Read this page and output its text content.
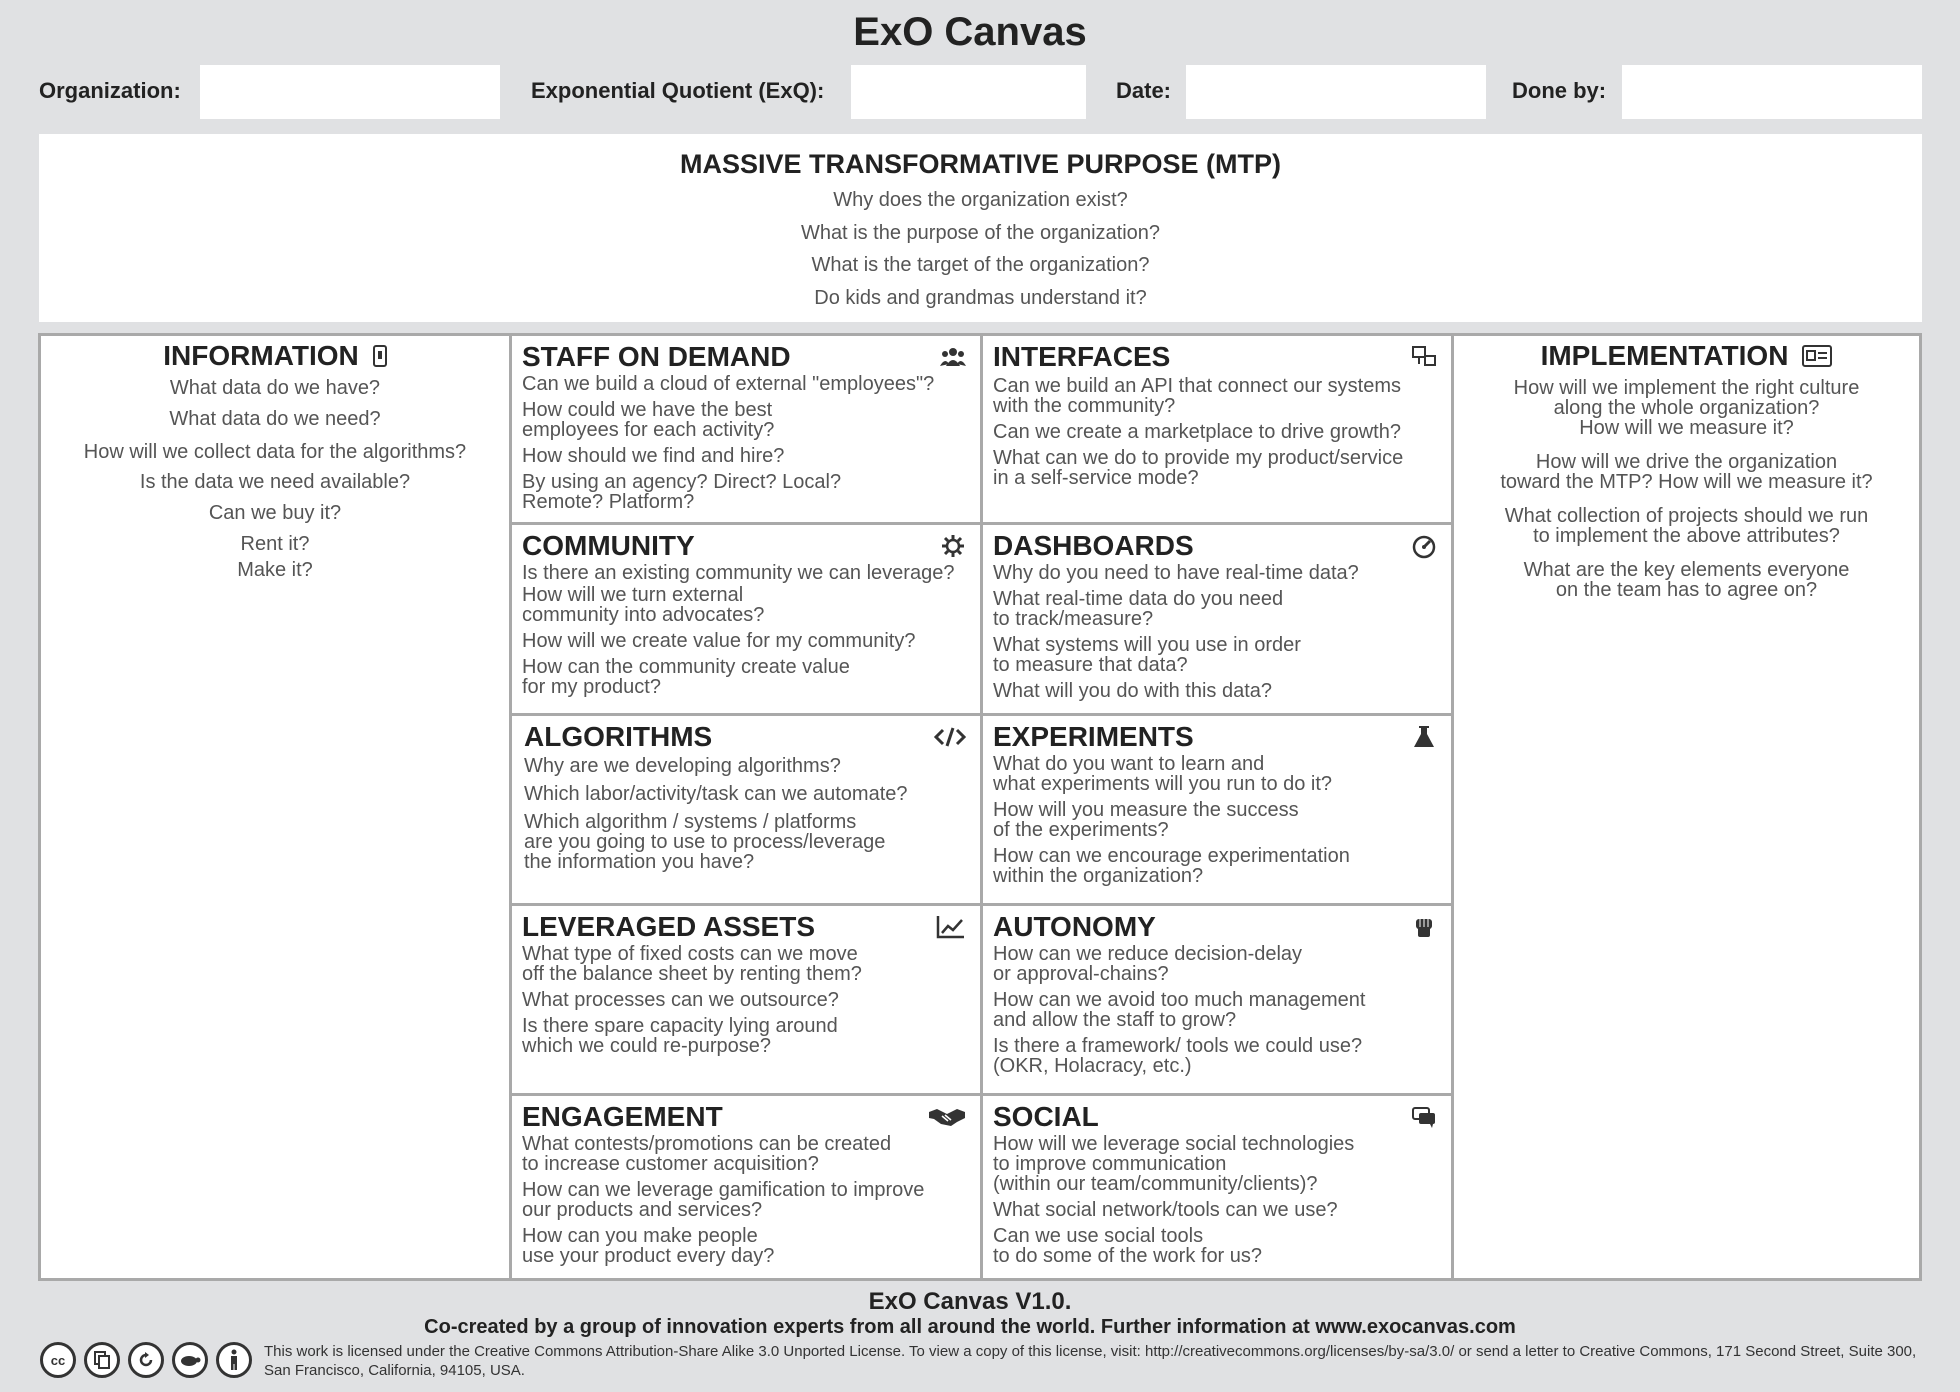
ExO Canvas
Organization:	Exponential Quotient (ExQ):	Date:	Done by:
MASSIVE TRANSFORMATIVE PURPOSE (MTP)
Why does the organization exist?
What is the purpose of the organization?
What is the target of the organization?
Do kids and grandmas understand it?
INFORMATION
What data do we have?
What data do we need?
How will we collect data for the algorithms?
Is the data we need available?
Can we buy it?
Rent it?
Make it?
IMPLEMENTATION
How will we implement the right culture
along the whole organization?
How will we measure it?
How will we drive the organization
toward the MTP? How will we measure it?
What collection of projects should we run
to implement the above attributes?
What are the key elements everyone
on the team has to agree on?
STAFF ON DEMAND
Can we build a cloud of external "employees"?
How could we have the best
employees for each activity?
How should we find and hire?
By using an agency? Direct? Local?
Remote? Platform?
INTERFACES
Can we build an API that connect our systems
with the community?
Can we create a marketplace to drive growth?
What can we do to provide my product/service
in a self-service mode?
COMMUNITY
Is there an existing community we can leverage?
How will we turn external
community into advocates?
How will we create value for my community?
How can the community create value
for my product?
DASHBOARDS
Why do you need to have real-time data?
What real-time data do you need
to track/measure?
What systems will you use in order
to measure that data?
What will you do with this data?
ALGORITHMS
Why are we developing algorithms?
Which labor/activity/task can we automate?
Which algorithm / systems / platforms
are you going to use to process/leverage
the information you have?
EXPERIMENTS
What do you want to learn and
what experiments will you run to do it?
How will you measure the success
of the experiments?
How can we encourage experimentation
within the organization?
LEVERAGED ASSETS
What type of fixed costs can we move
off the balance sheet by renting them?
What processes can we outsource?
Is there spare capacity lying around
which we could re-purpose?
AUTONOMY
How can we reduce decision-delay
or approval-chains?
How can we avoid too much management
and allow the staff to grow?
Is there a framework/ tools we could use?
(OKR, Holacracy, etc.)
ENGAGEMENT
What contests/promotions can be created
to increase customer acquisition?
How can we leverage gamification to improve
our products and services?
How can you make people
use your product every day?
SOCIAL
How will we leverage social technologies
to improve communication
(within our team/community/clients)?
What social network/tools can we use?
Can we use social tools
to do some of the work for us?
ExO Canvas V1.0.
Co-created by a group of innovation experts from all around the world. Further information at www.exocanvas.com
cc	This work is licensed under the Creative Commons Attribution-Share Alike 3.0 Unported License. To view a copy of this license, visit: http://creativecommons.org/licenses/by-sa/3.0/ or send a letter to Creative Commons, 171 Second Street, Suite 300, San Francisco, California, 94105, USA.
